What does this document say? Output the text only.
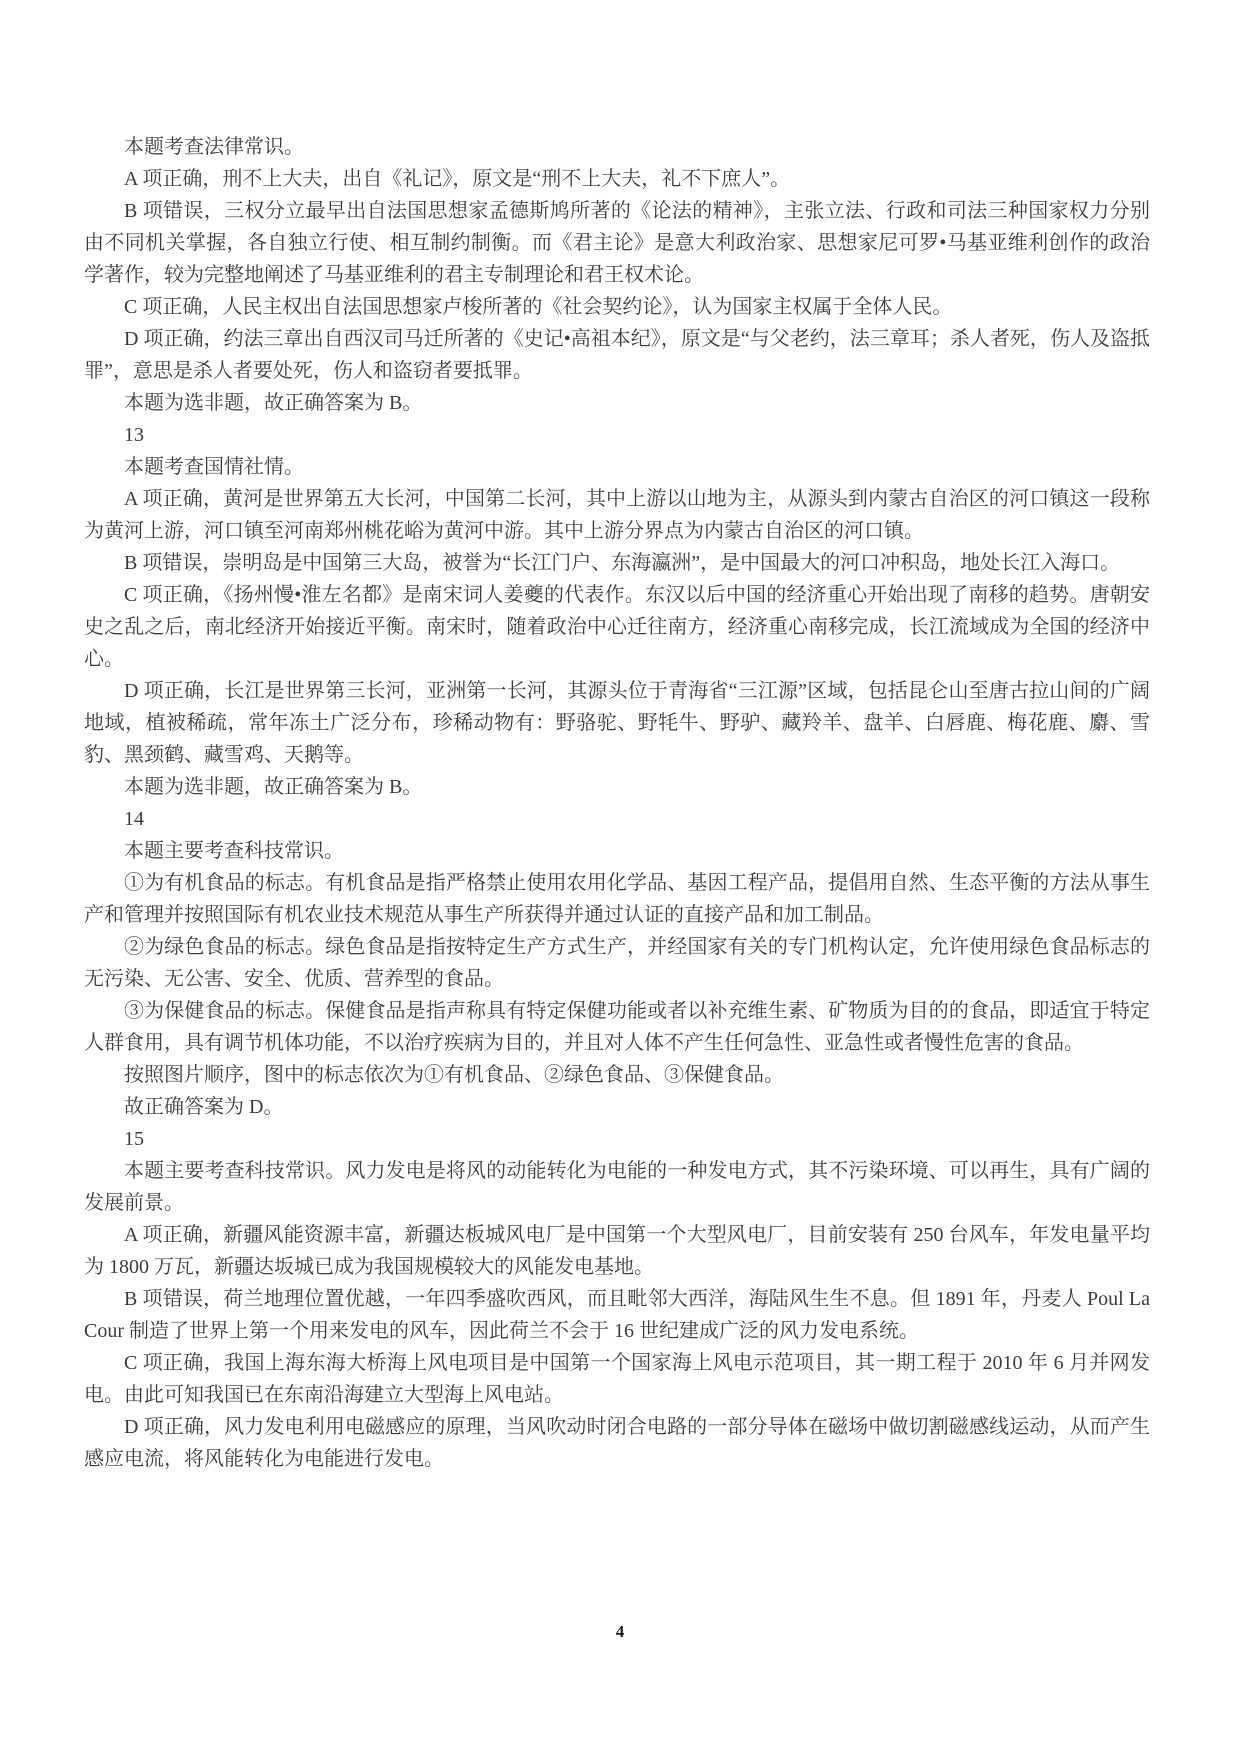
本题考查法律常识。

A 项正确，刑不上大夫，出自《礼记》，原文是“刑不上大夫，礼不下庶人”。

B 项错误，三权分立最早出自法国思想家孟德斯鸠所著的《论法的精神》，主张立法、行政和司法三种国家权力分别由不同机关掌握，各自独立行使、相互制约制衡。而《君主论》是意大利政治家、思想家尼可罗•马基亚维利创作的政治学著作，较为完整地阐述了马基亚维利的君主专制理论和君王权术论。

C 项正确，人民主权出自法国思想家卢梭所著的《社会契约论》，认为国家主权属于全体人民。

D 项正确，约法三章出自西汉司马迁所著的《史记•高祖本纪》，原文是“与父老约，法三章耳；杀人者死，伤人及盗抵罪”，意思是杀人者要处死，伤人和盗窃者要抵罪。

本题为选非题，故正确答案为 B。

13

本题考查国情社情。

A 项正确，黄河是世界第五大长河，中国第二长河，其中上游以山地为主，从源头到内蒙古自治区的河口镇这一段称为黄河上游，河口镇至河南郑州桃花峪为黄河中游。其中上游分界点为内蒙古自治区的河口镇。

B 项错误，崇明岛是中国第三大岛，被誉为“长江门户、东海瀛洲”，是中国最大的河口冲积岛，地处长江入海口。

C 项正确，《扬州慢•淮左名都》是南宋词人姜夔的代表作。东汉以后中国的经济重心开始出现了南移的趋势。唐朝安史之乱之后，南北经济开始接近平衡。南宋时，随着政治中心迁往南方，经济重心南移完成，长江流域成为全国的经济中心。

D 项正确，长江是世界第三长河，亚洲第一长河，其源头位于青海省“三江源”区域，包括昆仑山至唐古拉山间的广阔地域，植被稀疏，常年冻土广泛分布，珍稀动物有：野骆驼、野牦牛、野驴、藏羚羊、盘羊、白唇鹿、梅花鹿、麝、雪豹、黑颈鹤、藏雪鸡、天鹅等。

本题为选非题，故正确答案为 B。

14

本题主要考查科技常识。

①为有机食品的标志。有机食品是指严格禁止使用农用化学品、基因工程产品，提倡用自然、生态平衡的方法从事生产和管理并按照国际有机农业技术规范从事生产所获得并通过认证的直接产品和加工制品。

②为绿色食品的标志。绿色食品是指按特定生产方式生产，并经国家有关的专门机构认定，允许使用绿色食品标志的无污染、无公害、安全、优质、营养型的食品。

③为保健食品的标志。保健食品是指声称具有特定保健功能或者以补充维生素、矿物质为目的的食品，即适宜于特定人群食用，具有调节机体功能，不以治疗疾病为目的，并且对人体不产生任何急性、亚急性或者慢性危害的食品。

按照图片顺序，图中的标志依次为①有机食品、②绿色食品、③保健食品。

故正确答案为 D。

15

本题主要考查科技常识。风力发电是将风的动能转化为电能的一种发电方式，其不污染环境、可以再生，具有广阔的发展前景。

A 项正确，新疆风能资源丰富，新疆达板城风电厂是中国第一个大型风电厂，目前安装有 250 台风车，年发电量平均为 1800 万瓦，新疆达坂城已成为我国规模较大的风能发电基地。

B 项错误，荷兰地理位置优越，一年四季盛吹西风，而且毗邻大西洋，海陆风生生不息。但 1891 年，丹麦人 Poul LaCour 制造了世界上第一个用来发电的风车，因此荷兰不会于 16 世纪建成广泛的风力发电系统。

C 项正确，我国上海东海大桥海上风电项目是中国第一个国家海上风电示范项目，其一期工程于 2010 年 6 月并网发电。由此可知我国已在东南沿海建立大型海上风电站。

D 项正确，风力发电利用电磁感应的原理，当风吹动时闭合电路的一部分导体在磁场中做切割磁感线运动，从而产生感应电流，将风能转化为电能进行发电。

4
